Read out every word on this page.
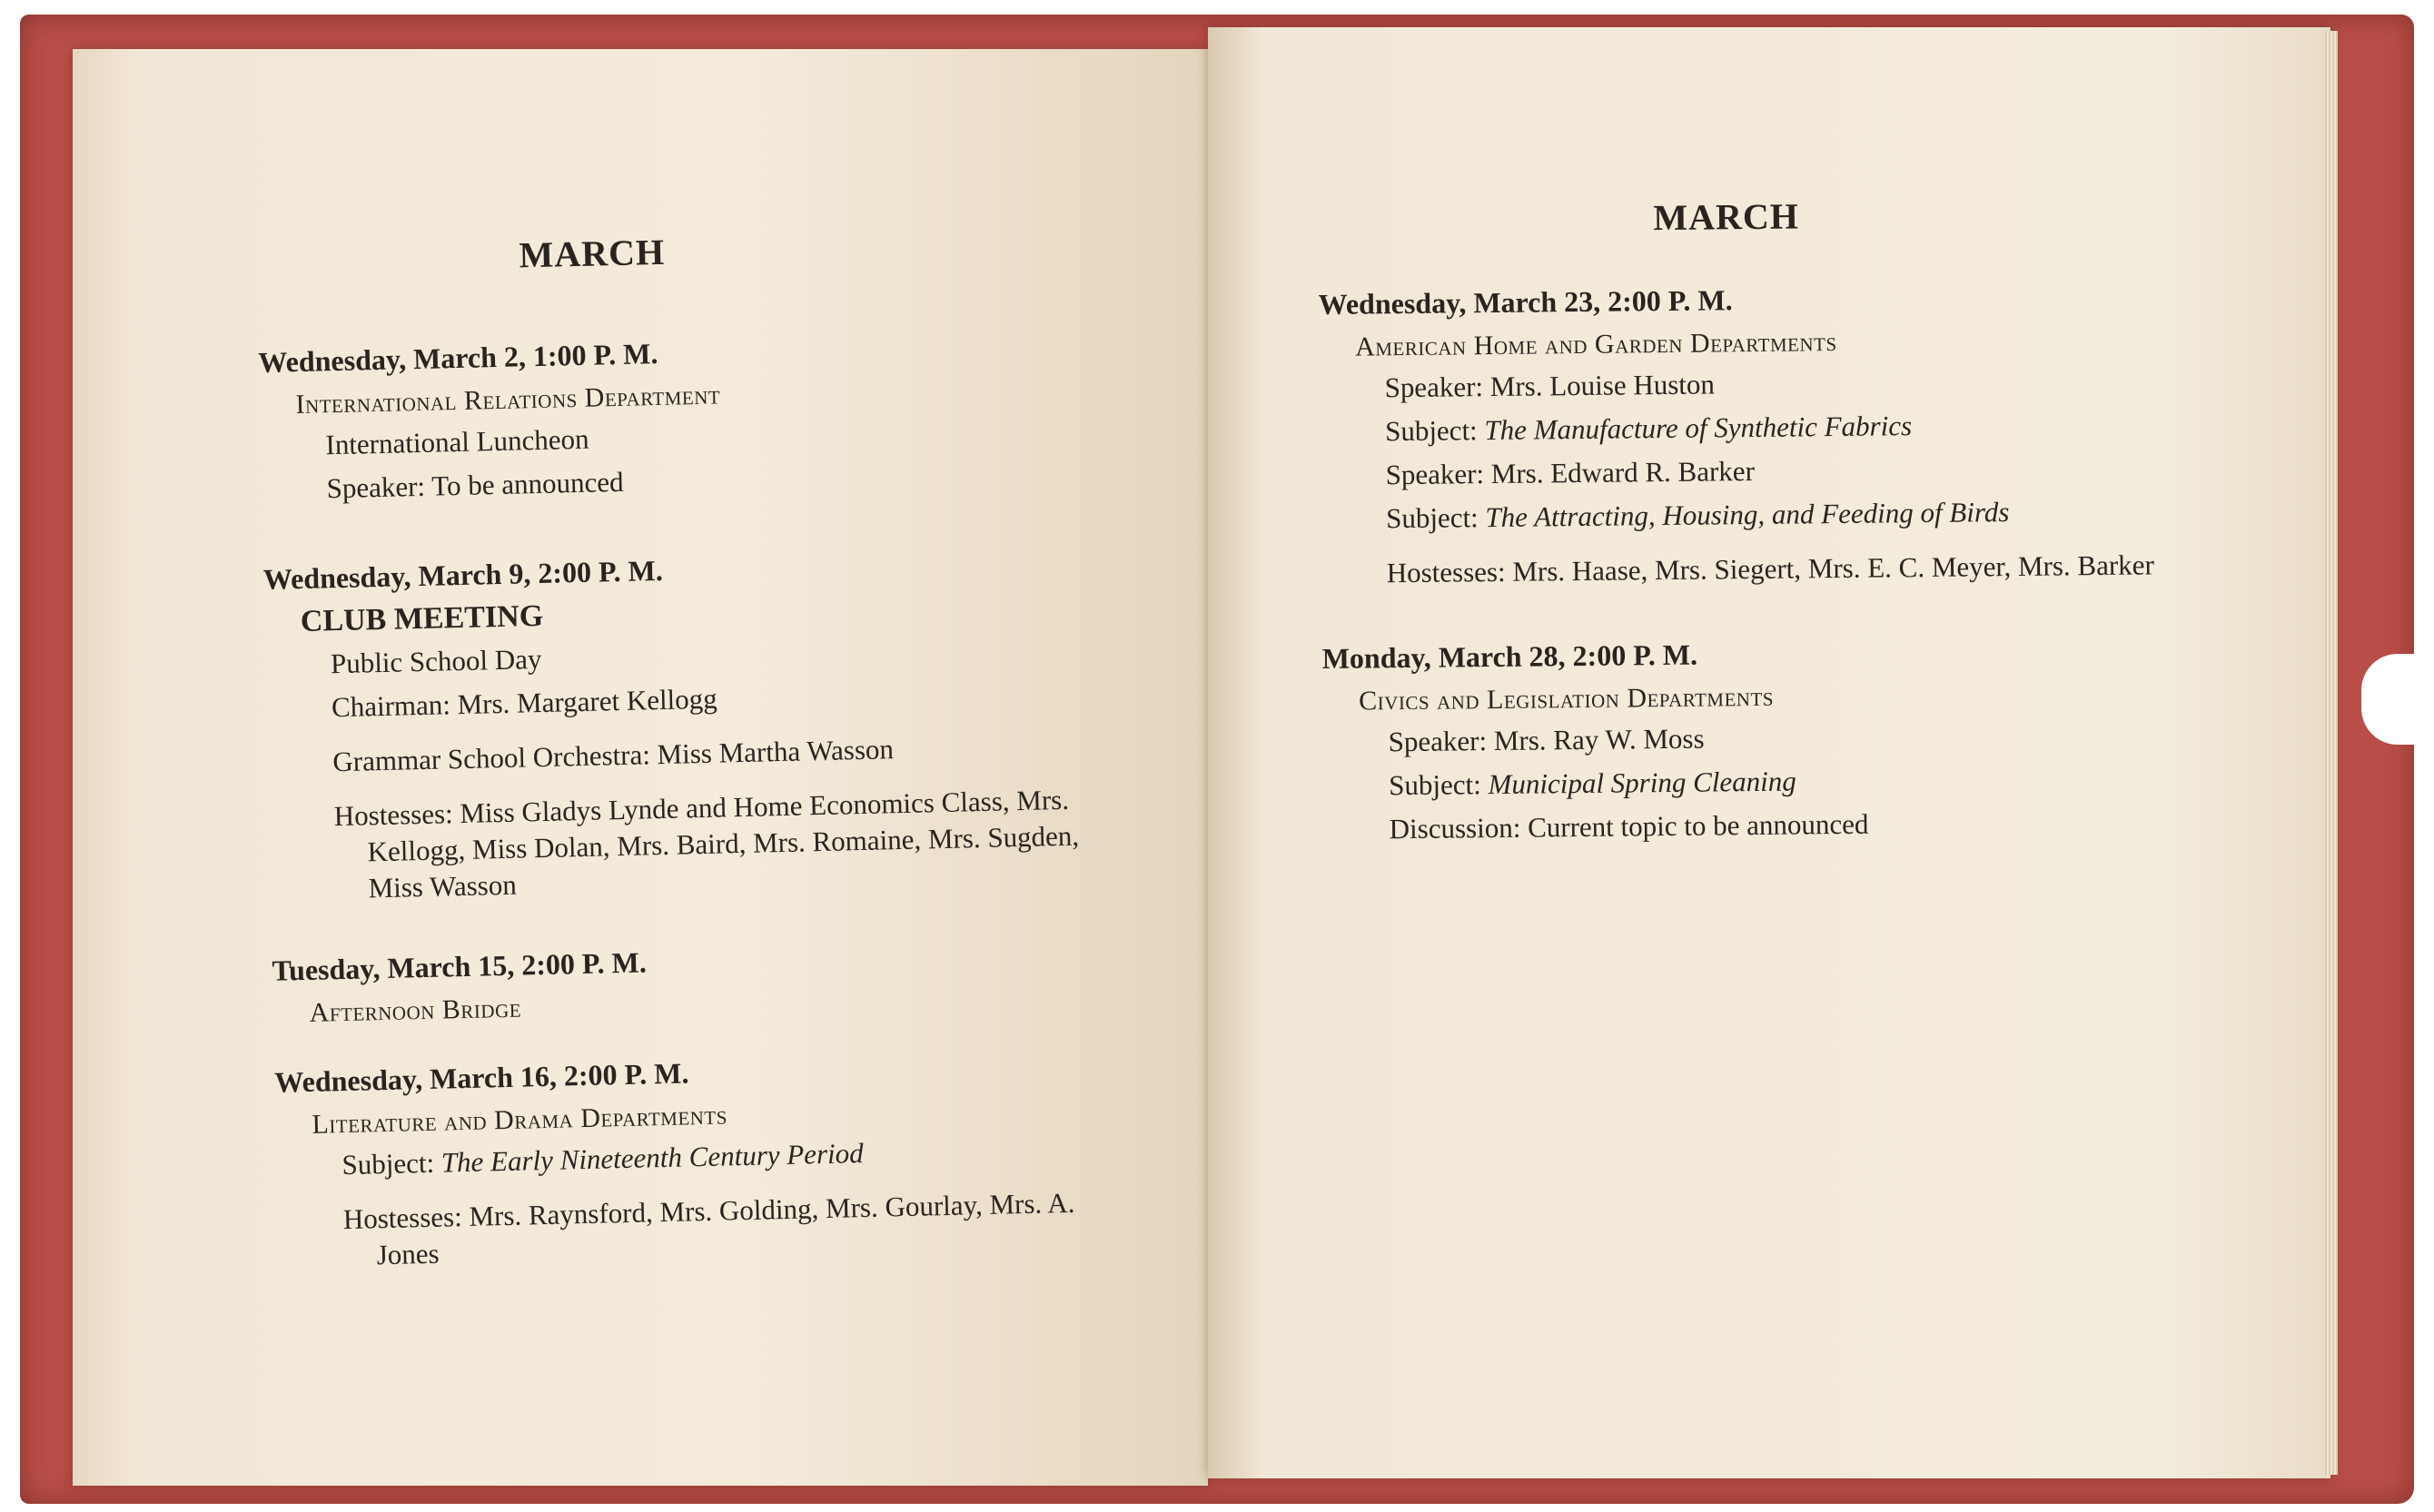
MARCH
Wednesday, March 2, 1:00 P. M.
International Relations Department
International Luncheon
Speaker: To be announced
Wednesday, March 9, 2:00 P. M.
CLUB MEETING
Public School Day
Chairman: Mrs. Margaret Kellogg
Grammar School Orchestra: Miss Martha Wasson
Hostesses: Miss Gladys Lynde and Home Economics Class, Mrs. Kellogg, Miss Dolan, Mrs. Baird, Mrs. Romaine, Mrs. Sugden, Miss Wasson
Tuesday, March 15, 2:00 P. M.
Afternoon Bridge
Wednesday, March 16, 2:00 P. M.
Literature and Drama Departments
Subject: The Early Nineteenth Century Period
Hostesses: Mrs. Raynsford, Mrs. Golding, Mrs. Gourlay, Mrs. A. Jones
MARCH
Wednesday, March 23, 2:00 P. M.
American Home and Garden Departments
Speaker: Mrs. Louise Huston
Subject: The Manufacture of Synthetic Fabrics
Speaker: Mrs. Edward R. Barker
Subject: The Attracting, Housing, and Feeding of Birds
Hostesses: Mrs. Haase, Mrs. Siegert, Mrs. E. C. Meyer, Mrs. Barker
Monday, March 28, 2:00 P. M.
Civics and Legislation Departments
Speaker: Mrs. Ray W. Moss
Subject: Municipal Spring Cleaning
Discussion: Current topic to be announced
